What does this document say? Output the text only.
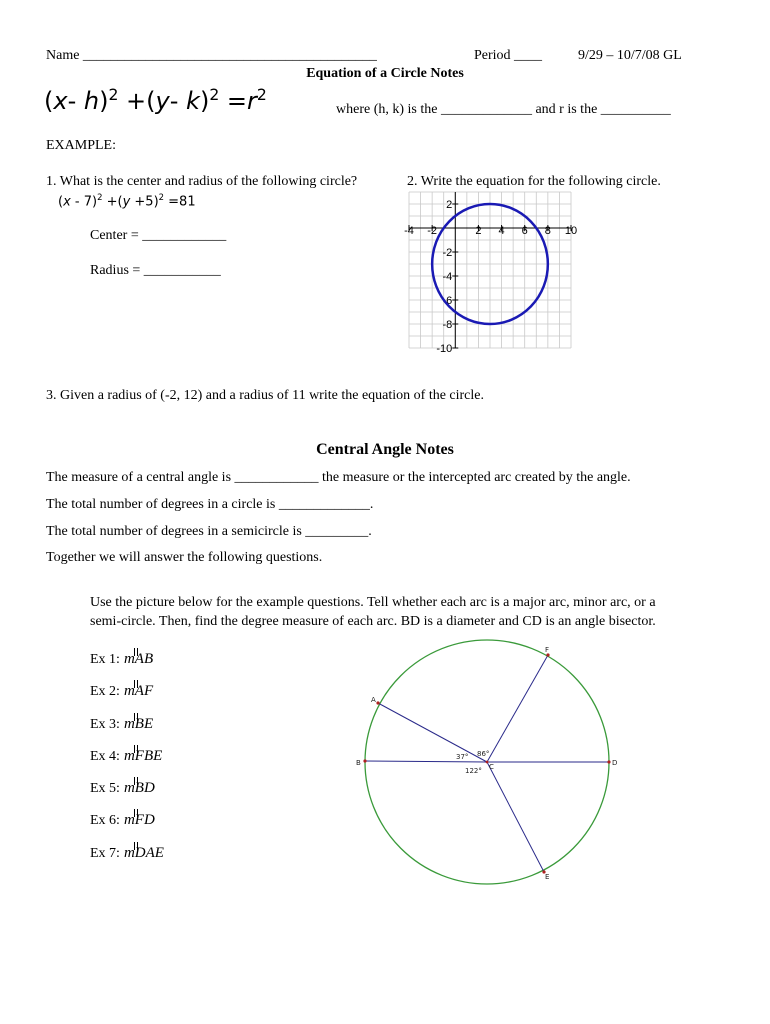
Name __________________________________________	Period ____	9/29 – 10/7/08 GL
Equation of a Circle Notes
(x- h)$^2$ +(y- $k)^2 =r^2$
where (h, k) is the _____________ and r is the __________
EXAMPLE:
1. What is the center and radius of the following circle?
$(x - 7)^2 +(y +5)^2 =81$
Center = ____________
Radius = ___________
2. Write the equation for the following circle.
-4 -2	2 4 6 8 10
2
-2
-4
-6
-8
-10
3. Given a radius of (-2, 12) and a radius of 11 write the equation of the circle.
Central Angle Notes
The measure of a central angle is ____________ the measure or the intercepted arc created by the angle.
The total number of degrees in a circle is _____________.
The total number of degrees in a semicircle is _________.
Together we will answer the following questions.
Use the picture below for the example questions. Tell whether each arc is a major arc, minor arc, or a
semi-circle. Then, find the degree measure of each arc. BD is a diameter and CD is an angle bisector.
Ex 1: mAB
Ex 2: mAF
Ex 3: mBE
Ex 4: mFBE
Ex 5: mBD
Ex 6: mFD
Ex 7: mDAE
A
B	C	D
E
F
37° 86°
122°
